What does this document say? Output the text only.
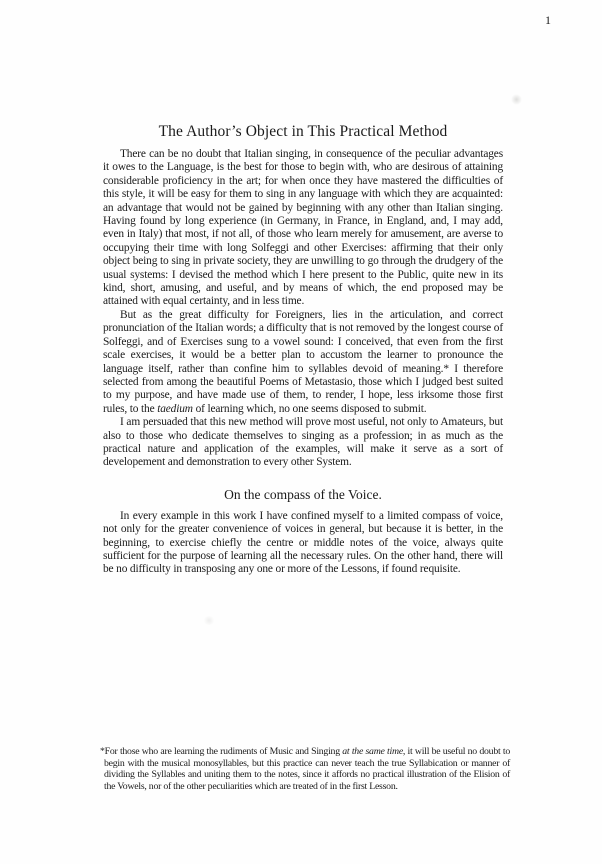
1
The Author’s Object in This Practical Method

There can be no doubt that Italian singing, in consequence of the peculiar advantages it owes to the Language, is the best for those to begin with, who are desirous of attaining considerable proficiency in the art; for when once they have mastered the difficulties of this style, it will be easy for them to sing in any language with which they are acquainted: an advantage that would not be gained by beginning with any other than Italian singing. Having found by long experience (in Germany, in France, in England, and, I may add, even in Italy) that most, if not all, of those who learn merely for amusement, are averse to occupying their time with long Solfeggi and other Exercises: affirming that their only object being to sing in private society, they are unwilling to go through the drudgery of the usual systems: I devised the method which I here present to the Public, quite new in its kind, short, amusing, and useful, and by means of which, the end proposed may be attained with equal certainty, and in less time.

But as the great difficulty for Foreigners, lies in the articulation, and correct pronunciation of the Italian words; a difficulty that is not removed by the longest course of Solfeggi, and of Exercises sung to a vowel sound: I conceived, that even from the first scale exercises, it would be a better plan to accustom the learner to pronounce the language itself, rather than confine him to syllables devoid of meaning.* I therefore selected from among the beautiful Poems of Metastasio, those which I judged best suited to my purpose, and have made use of them, to render, I hope, less irksome those first rules, to the taedium of learning which, no one seems disposed to submit.

I am persuaded that this new method will prove most useful, not only to Amateurs, but also to those who dedicate themselves to singing as a profession; in as much as the practical nature and application of the examples, will make it serve as a sort of developement and demonstration to every other System.

On the compass of the Voice.

In every example in this work I have confined myself to a limited compass of voice, not only for the greater convenience of voices in general, but because it is better, in the beginning, to exercise chiefly the centre or middle notes of the voice, always quite sufficient for the purpose of learning all the necessary rules. On the other hand, there will be no difficulty in transposing any one or more of the Lessons, if found requisite.

*For those who are learning the rudiments of Music and Singing at the same time, it will be useful no doubt to begin with the musical monosyllables, but this practice can never teach the true Syllabication or manner of dividing the Syllables and uniting them to the notes, since it affords no practical illustration of the Elision of the Vowels, nor of the other peculiarities which are treated of in the first Lesson.
